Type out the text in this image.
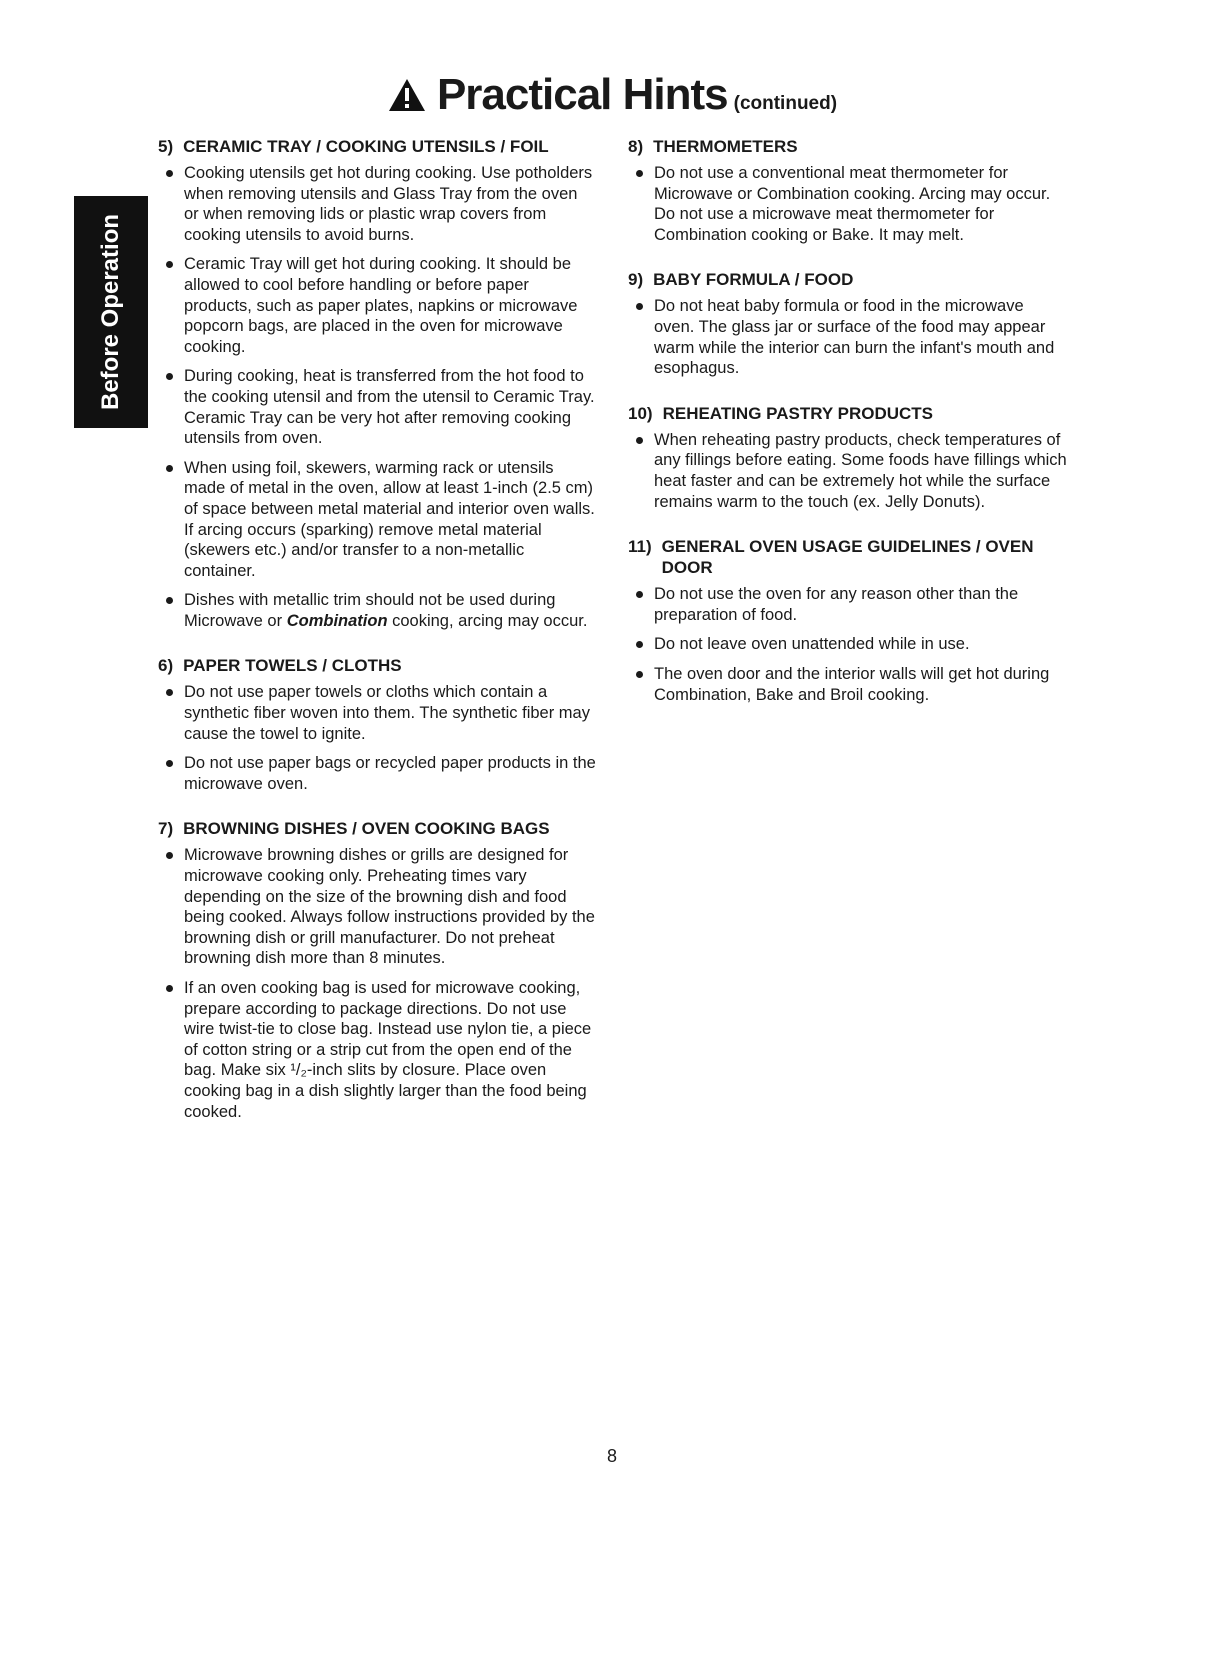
Practical Hints (continued)
Before Operation
5) CERAMIC TRAY / COOKING UTENSILS / FOIL
Cooking utensils get hot during cooking. Use potholders when removing utensils and Glass Tray from the oven or when removing lids or plastic wrap covers from cooking utensils to avoid burns.
Ceramic Tray will get hot during cooking. It should be allowed to cool before handling or before paper products, such as paper plates, napkins or microwave popcorn bags, are placed in the oven for microwave cooking.
During cooking, heat is transferred from the hot food to the cooking utensil and from the utensil to Ceramic Tray. Ceramic Tray can be very hot after removing cooking utensils from oven.
When using foil, skewers, warming rack or utensils made of metal in the oven, allow at least 1-inch (2.5 cm) of space between metal material and interior oven walls. If arcing occurs (sparking) remove metal material (skewers etc.) and/or transfer to a non-metallic container.
Dishes with metallic trim should not be used during Microwave or Combination cooking, arcing may occur.
6) PAPER TOWELS / CLOTHS
Do not use paper towels or cloths which contain a synthetic fiber woven into them. The synthetic fiber may cause the towel to ignite.
Do not use paper bags or recycled paper products in the microwave oven.
7) BROWNING DISHES / OVEN COOKING BAGS
Microwave browning dishes or grills are designed for microwave cooking only. Preheating times vary depending on the size of the browning dish and food being cooked. Always follow instructions provided by the browning dish or grill manufacturer. Do not preheat browning dish more than 8 minutes.
If an oven cooking bag is used for microwave cooking, prepare according to package directions. Do not use wire twist-tie to close bag. Instead use nylon tie, a piece of cotton string or a strip cut from the open end of the bag. Make six ¹/₂-inch slits by closure. Place oven cooking bag in a dish slightly larger than the food being cooked.
8) THERMOMETERS
Do not use a conventional meat thermometer for Microwave or Combination cooking. Arcing may occur. Do not use a microwave meat thermometer for Combination cooking or Bake. It may melt.
9) BABY FORMULA / FOOD
Do not heat baby formula or food in the microwave oven. The glass jar or surface of the food may appear warm while the interior can burn the infant's mouth and esophagus.
10) REHEATING PASTRY PRODUCTS
When reheating pastry products, check temperatures of any fillings before eating. Some foods have fillings which heat faster and can be extremely hot while the surface remains warm to the touch (ex. Jelly Donuts).
11) GENERAL OVEN USAGE GUIDELINES / OVEN DOOR
Do not use the oven for any reason other than the preparation of food.
Do not leave oven unattended while in use.
The oven door and the interior walls will get hot during Combination, Bake and Broil cooking.
8
